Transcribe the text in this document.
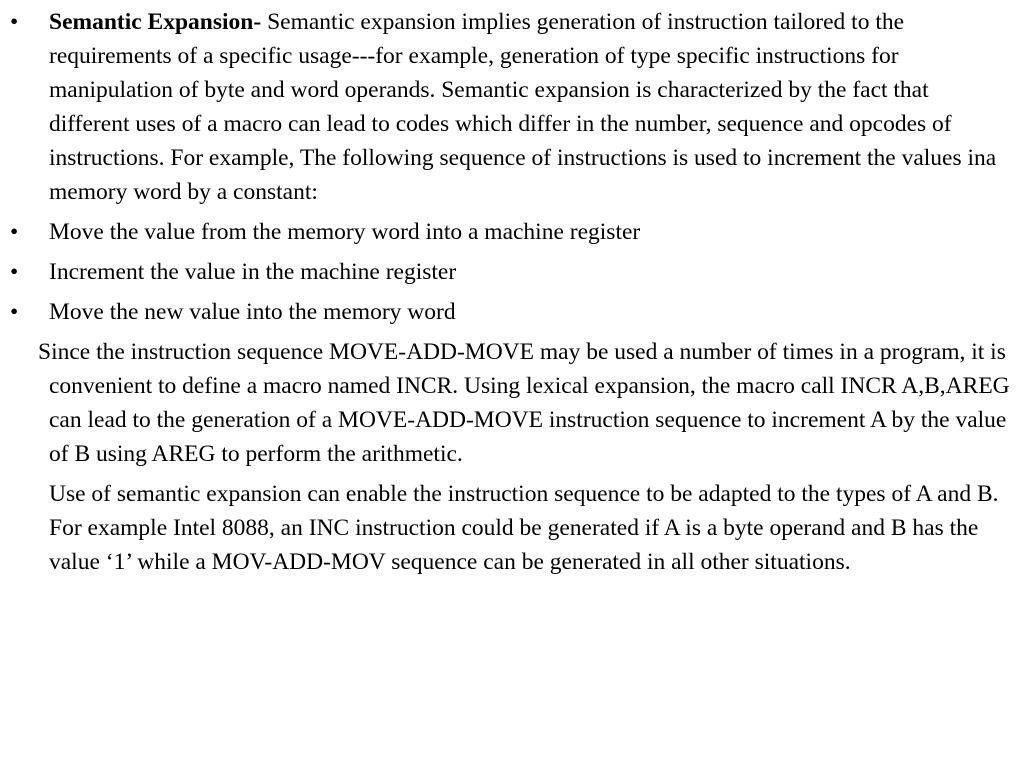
• Semantic Expansion- Semantic expansion implies generation of instruction tailored to the requirements of a specific usage---for example, generation of type specific instructions for manipulation of byte and word operands. Semantic expansion is characterized by the fact that different uses of a macro can lead to codes which differ in the number, sequence and opcodes of instructions. For example, The following sequence of instructions is used to increment the values ina memory word by a constant:
• Move the value from the memory word into a machine register
• Increment the value in the machine register
• Move the new value into the memory word
Since the instruction sequence MOVE-ADD-MOVE may be used a number of times in a program, it is convenient to define a macro named INCR. Using lexical expansion, the macro call INCR A,B,AREG can lead to the generation of a MOVE-ADD-MOVE instruction sequence to increment A by the value of B using AREG to perform the arithmetic.
Use of semantic expansion can enable the instruction sequence to be adapted to the types of A and B. For example Intel 8088, an INC instruction could be generated if A is a byte operand and B has the value ‘1’ while a MOV-ADD-MOV sequence can be generated in all other situations.
